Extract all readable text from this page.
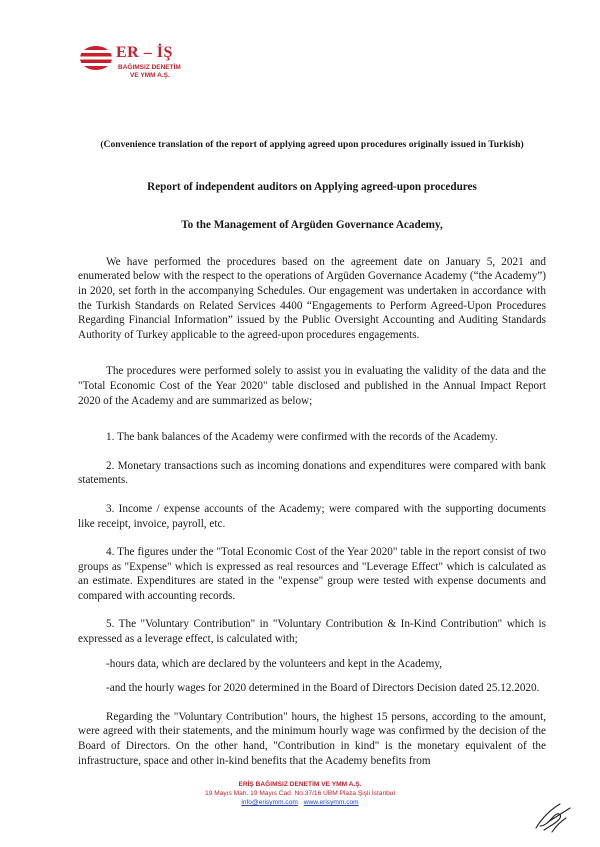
ER – İŞ
BAĞIMSIZ DENETİM
VE YMM A.Ş.

(Convenience translation of the report of applying agreed upon procedures originally issued in Turkish)

Report of independent auditors on Applying agreed-upon procedures

To the Management of Argüden Governance Academy,

We have performed the procedures based on the agreement date on January 5, 2021 and enumerated below with the respect to the operations of Argüden Governance Academy (“the Academy”) in 2020, set forth in the accompanying Schedules. Our engagement was undertaken in accordance with the Turkish Standards on Related Services 4400 “Engagements to Perform Agreed-Upon Procedures Regarding Financial Information” issued by the Public Oversight Accounting and Auditing Standards Authority of Turkey applicable to the agreed-upon procedures engagements.

The procedures were performed solely to assist you in evaluating the validity of the data and the "Total Economic Cost of the Year 2020" table disclosed and published in the Annual Impact Report 2020 of the Academy and are summarized as below;

1. The bank balances of the Academy were confirmed with the records of the Academy.

2. Monetary transactions such as incoming donations and expenditures were compared with bank statements.

3. Income / expense accounts of the Academy; were compared with the supporting documents like receipt, invoice, payroll, etc.

4. The figures under the "Total Economic Cost of the Year 2020" table in the report consist of two groups as "Expense" which is expressed as real resources and "Leverage Effect" which is calculated as an estimate. Expenditures are stated in the "expense" group were tested with expense documents and compared with accounting records.

5. The "Voluntary Contribution" in "Voluntary Contribution & In-Kind Contribution" which is expressed as a leverage effect, is calculated with;

-hours data, which are declared by the volunteers and kept in the Academy,

-and the hourly wages for 2020 determined in the Board of Directors Decision dated 25.12.2020.

Regarding the "Voluntary Contribution" hours, the highest 15 persons, according to the amount, were agreed with their statements, and the minimum hourly wage was confirmed by the decision of the Board of Directors. On the other hand, "Contribution in kind" is the monetary equivalent of the infrastructure, space and other in-kind benefits that the Academy benefits from

ERİŞ BAĞIMSIZ DENETİM VE YMM A.Ş.
19 Mayıs Mah. 19 Mayıs Cad. No:37/16 UBM Plaza Şişli İstanbul
info@erisymm.com www.erisymm.com
